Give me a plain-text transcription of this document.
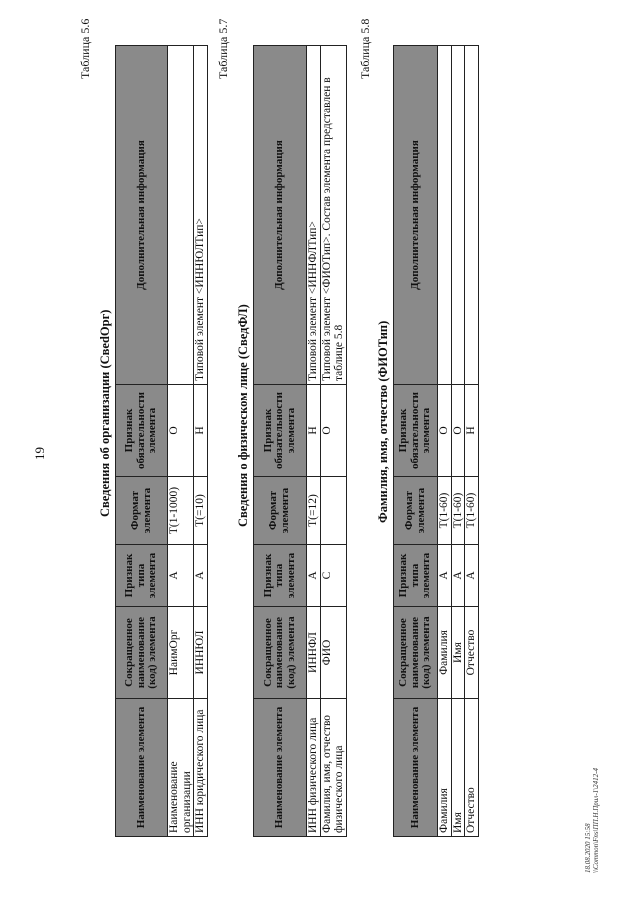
19
Таблица 5.6
Сведения об организации (СвedОрг)
Наименование элемента	Сокращенное наименование (код) элемента	Признак типа элемента	Формат элемента	Признак обязательности элемента	Дополнительная информация
Наименование организации	НаимОрг	А	T(1-1000)	О	
ИНН юридического лица	ИННЮЛ	А	T(=10)	Н	Типовой элемент <ИННЮЛТип>
Таблица 5.7
Сведения о физическом лице (СведФЛ)
Наименование элемента	Сокращенное наименование (код) элемента	Признак типа элемента	Формат элемента	Признак обязательности элемента	Дополнительная информация
ИНН физического лица	ИННФЛ	А	T(=12)	Н	Типовой элемент <ИННФЛТип>
Фамилия, имя, отчество физического лица	ФИО	С		О	Типовой элемент <ФИОТип>. Состав элемента представлен в таблице 5.8
Таблица 5.8
Фамилия, имя, отчество (ФИОТип)
Наименование элемента	Сокращенное наименование (код) элемента	Признак типа элемента	Формат элемента	Признак обязательности элемента	Дополнительная информация
Фамилия	Фамилия	А	T(1-60)	О	
Имя	Имя	А	T(1-60)	О	
Отчество	Отчество	А	T(1-60)	Н	
18.08.2020 15:58 \\Common\Fns\ПП.Н.Прил-1\2412-4
